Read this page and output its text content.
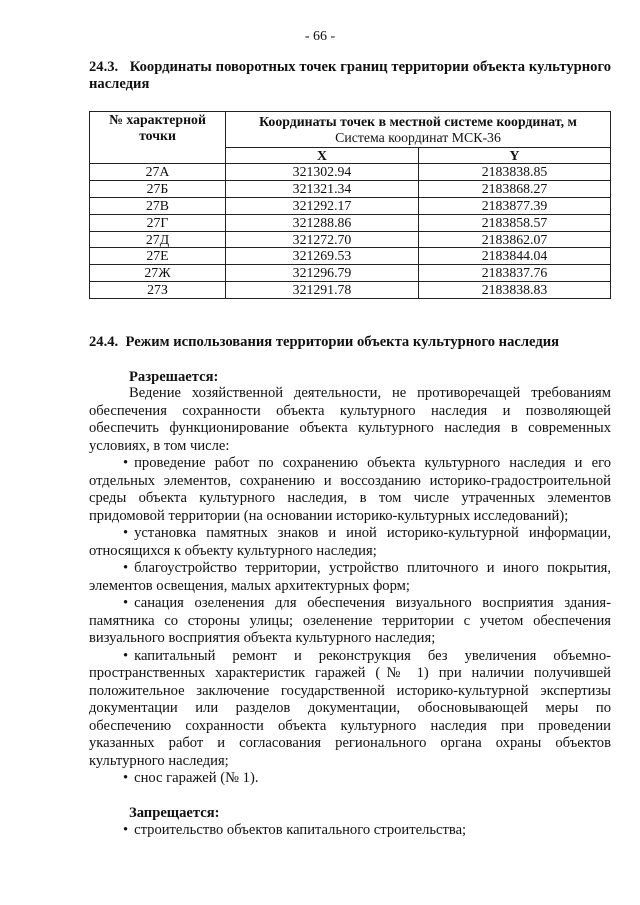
- 66 -
24.3. Координаты поворотных точек границ территории объекта культурного наследия
№ характерной точки	Координаты точек в местной системе координат, м
Система координат МСК-36	
	X	Y
27А	321302.94	2183838.85
27Б	321321.34	2183868.27
27В	321292.17	2183877.39
27Г	321288.86	2183858.57
27Д	321272.70	2183862.07
27Е	321269.53	2183844.04
27Ж	321296.79	2183837.76
27З	321291.78	2183838.83
24.4. Режим использования территории объекта культурного наследия
Разрешается:

Ведение хозяйственной деятельности, не противоречащей требованиям обеспечения сохранности объекта культурного наследия и позволяющей обеспечить функционирование объекта культурного наследия в современных условиях, в том числе:

• проведение работ по сохранению объекта культурного наследия и его отдельных элементов, сохранению и воссозданию историко-градостроительной среды объекта культурного наследия, в том числе утраченных элементов придомовой территории (на основании историко-культурных исследований);

• установка памятных знаков и иной историко-культурной информации, относящихся к объекту культурного наследия;

• благоустройство территории, устройство плиточного и иного покрытия, элементов освещения, малых архитектурных форм;

• санация озеленения для обеспечения визуального восприятия здания-памятника со стороны улицы; озеленение территории с учетом обеспечения визуального восприятия объекта культурного наследия;

• капитальный ремонт и реконструкция без увеличения объемно-пространственных характеристик гаражей (№ 1) при наличии получившей положительное заключение государственной историко-культурной экспертизы документации или разделов документации, обосновывающей меры по обеспечению сохранности объекта культурного наследия при проведении указанных работ и согласования регионального органа охраны объектов культурного наследия;

• снос гаражей (№ 1).

Запрещается:

• строительство объектов капитального строительства;
